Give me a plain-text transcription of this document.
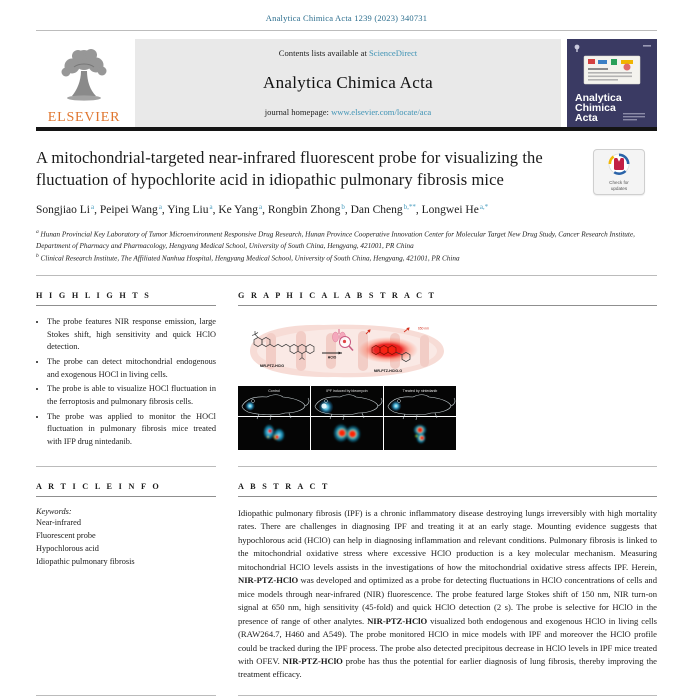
Analytica Chimica Acta 1239 (2023) 340731
ELSEVIER
Contents lists available at ScienceDirect
Analytica Chimica Acta
journal homepage: www.elsevier.com/locate/aca
Analytica
Chimica
Acta
Check for
updates
A mitochondrial-targeted near-infrared fluorescent probe for visualizing the fluctuation of hypochlorite acid in idiopathic pulmonary fibrosis mice
Songjiao Li$^a$, Peipei Wang$^a$, Ying Liu$^a$, Ke Yang$^a$, Rongbin Zhong$^b$, Dan Cheng$^{b,**}$, Longwei $He^{a,*}$
$^a$ Hunan Provincial Key Laboratory of Tumor Microenvironment Responsive Drug Research, Hunan Province Cooperative Innovation Center for Molecular Target New Drug Study, Cancer Research Institute, Department of Pharmacy and Pharmacology, Hengyang Medical School, University of South China, Hengyang, 421001, PR China
$^b$ Clinical Research Institute, The Affiliated Nanhua Hospital, Hengyang Medical School, University of South China, Hengyang, 421001, PR China
H I G H L I G H T S
• The probe features NIR response emission, large Stokes shift, high sensitivity and quick HClO detection.
• The probe can detect mitochondrial endogenous and exogenous HOCl in living cells.
• The probe is able to visualize HOCl fluctuation in the ferroptosis and pulmonary fibrosis cells.
• The probe was applied to monitor the HOCl fluctuation in pulmonary fibrosis mice treated with IFP drug nintedanib.
G R A P H I C A L A B S T R A C T
NIR-PTZ-HClO
HClO
NIR-PTZ-HClO-O
650 nm
Control	IPF induced by bleomycin	Treated by nintedanib
A R T I C L E I N F O
Keywords:
Near-infrared
Fluorescent probe
Hypochlorous acid
Idiopathic pulmonary fibrosis
A B S T R A C T

Idiopathic pulmonary fibrosis (IPF) is a chronic inflammatory disease destroying lungs irreversibly with high mortality rates. There are challenges in diagnosing IPF and treating it at an early stage. Mounting evidence suggests that hypochlorous acid (HClO) can help in diagnosing inflammation and relevant conditions. Pulmonary fibrosis is linked to the mitochondrial oxidative stress where excessive HClO production is a key molecular mechanism. Measuring mitochondrial HClO levels assists in the investigations of how the mitochondrial oxidative stress affects IPF. Herein, NIR-PTZ-HClO was developed and optimized as a probe for detecting fluctuations in HClO concentrations of cells and mice models through near-infrared (NIR) fluorescence. The probe featured large Stokes shift of 150 nm, NIR turn-on signal at 650 nm, high sensitivity (45-fold) and quick HClO detection (2 s). The probe is selective for HClO in the presence of range of other analytes. NIR-PTZ-HClO visualized both endogenous and exogenous HClO in living cells (RAW264.7, H460 and A549). The probe monitored HClO in mice models with IPF and moreover the HClO profile could be tracked during the IPF process. The probe also detected precipitous decrease in HClO levels in IPF mice treated with OFEV. NIR-PTZ-HClO probe has thus the potential for earlier diagnosis of lung fibrosis, thereby improving the treatment efficacy.
